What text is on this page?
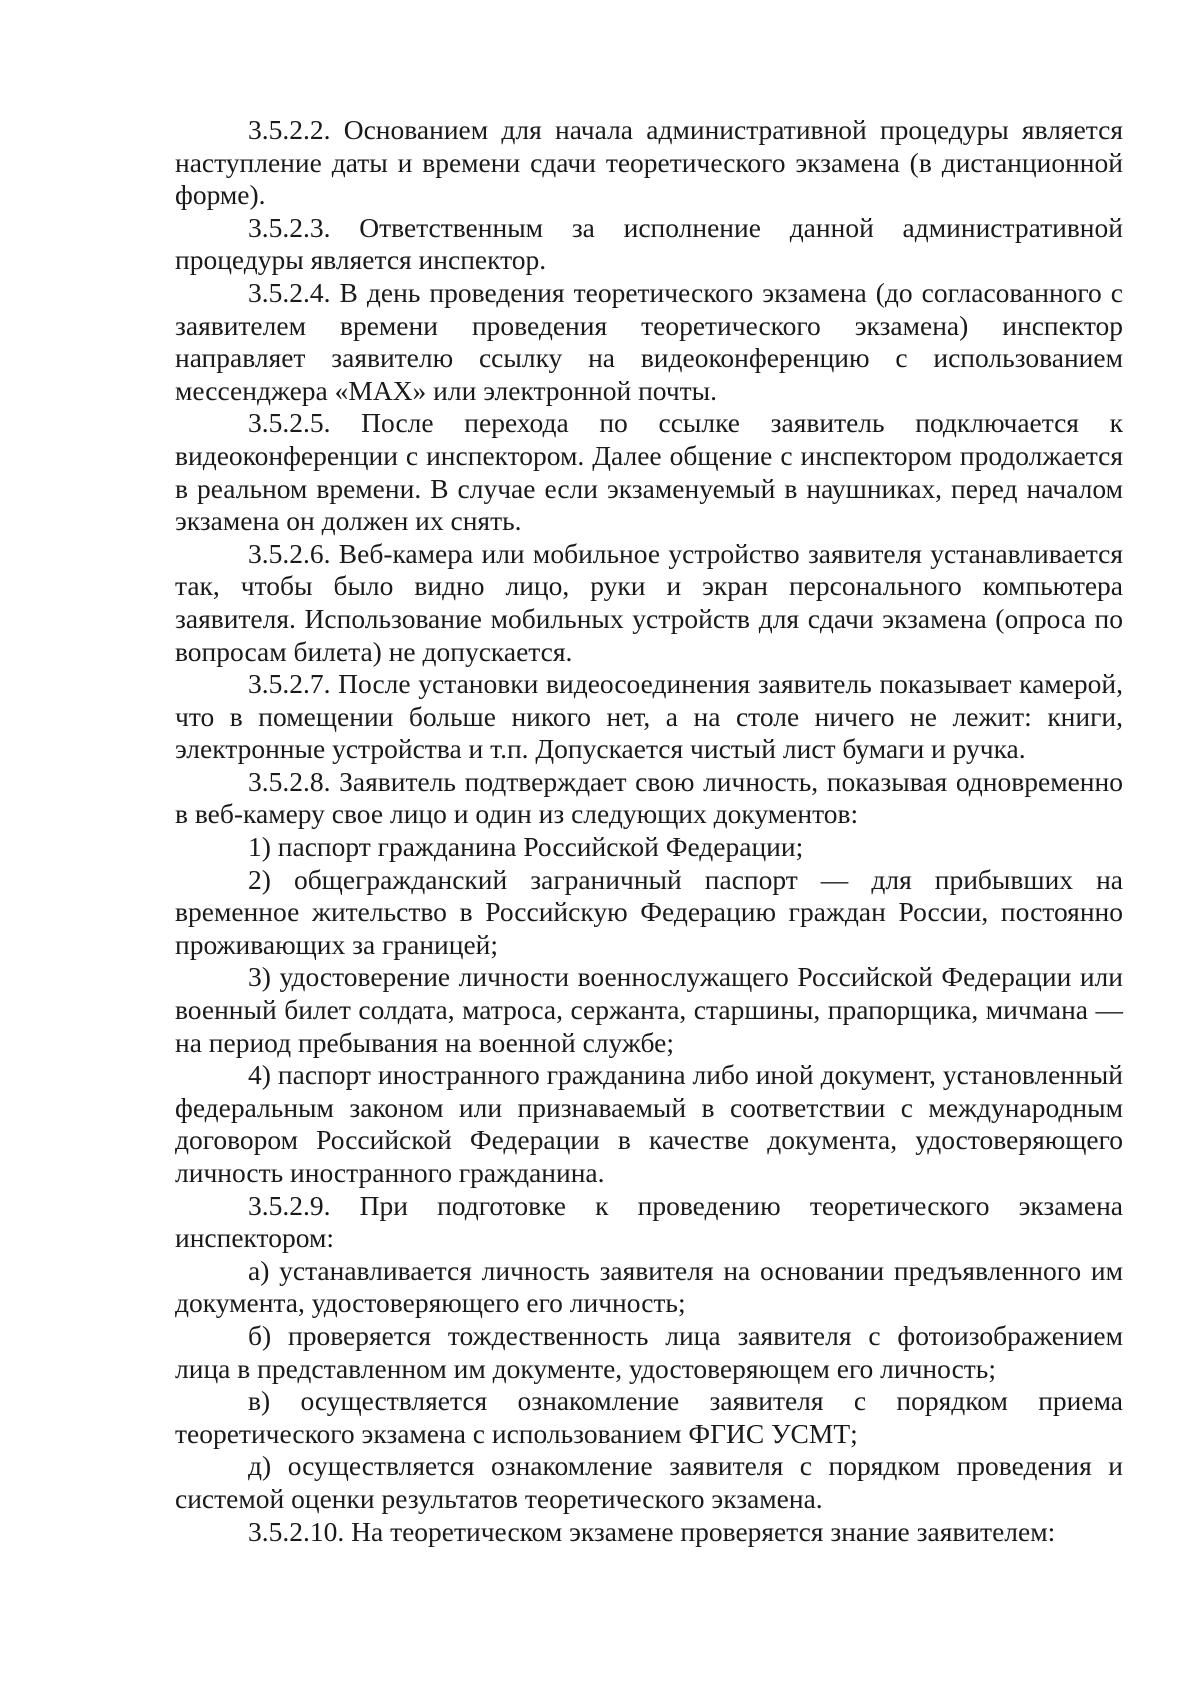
3.5.2.2. Основанием для начала административной процедуры является наступление даты и времени сдачи теоретического экзамена (в дистанционной форме).

3.5.2.3. Ответственным за исполнение данной административной процедуры является инспектор.

3.5.2.4. В день проведения теоретического экзамена (до согласованного с заявителем времени проведения теоретического экзамена) инспектор направляет заявителю ссылку на видеоконференцию с использованием мессенджера «MAX» или электронной почты.

3.5.2.5. После перехода по ссылке заявитель подключается к видеоконференции с инспектором. Далее общение с инспектором продолжается в реальном времени. В случае если экзаменуемый в наушниках, перед началом экзамена он должен их снять.

3.5.2.6. Веб-камера или мобильное устройство заявителя устанавливается так, чтобы было видно лицо, руки и экран персонального компьютера заявителя. Использование мобильных устройств для сдачи экзамена (опроса по вопросам билета) не допускается.

3.5.2.7. После установки видеосоединения заявитель показывает камерой, что в помещении больше никого нет, а на столе ничего не лежит: книги, электронные устройства и т.п. Допускается чистый лист бумаги и ручка.

3.5.2.8. Заявитель подтверждает свою личность, показывая одновременно в веб-камеру свое лицо и один из следующих документов:

1) паспорт гражданина Российской Федерации;

2) общегражданский заграничный паспорт — для прибывших на временное жительство в Российскую Федерацию граждан России, постоянно проживающих за границей;

3) удостоверение личности военнослужащего Российской Федерации или военный билет солдата, матроса, сержанта, старшины, прапорщика, мичмана — на период пребывания на военной службе;

4) паспорт иностранного гражданина либо иной документ, установленный федеральным законом или признаваемый в соответствии с международным договором Российской Федерации в качестве документа, удостоверяющего личность иностранного гражданина.

3.5.2.9. При подготовке к проведению теоретического экзамена инспектором:

а) устанавливается личность заявителя на основании предъявленного им документа, удостоверяющего его личность;

б) проверяется тождественность лица заявителя с фотоизображением лица в представленном им документе, удостоверяющем его личность;

в) осуществляется ознакомление заявителя с порядком приема теоретического экзамена с использованием ФГИС УСМТ;

д) осуществляется ознакомление заявителя с порядком проведения и системой оценки результатов теоретического экзамена.

3.5.2.10. На теоретическом экзамене проверяется знание заявителем:
